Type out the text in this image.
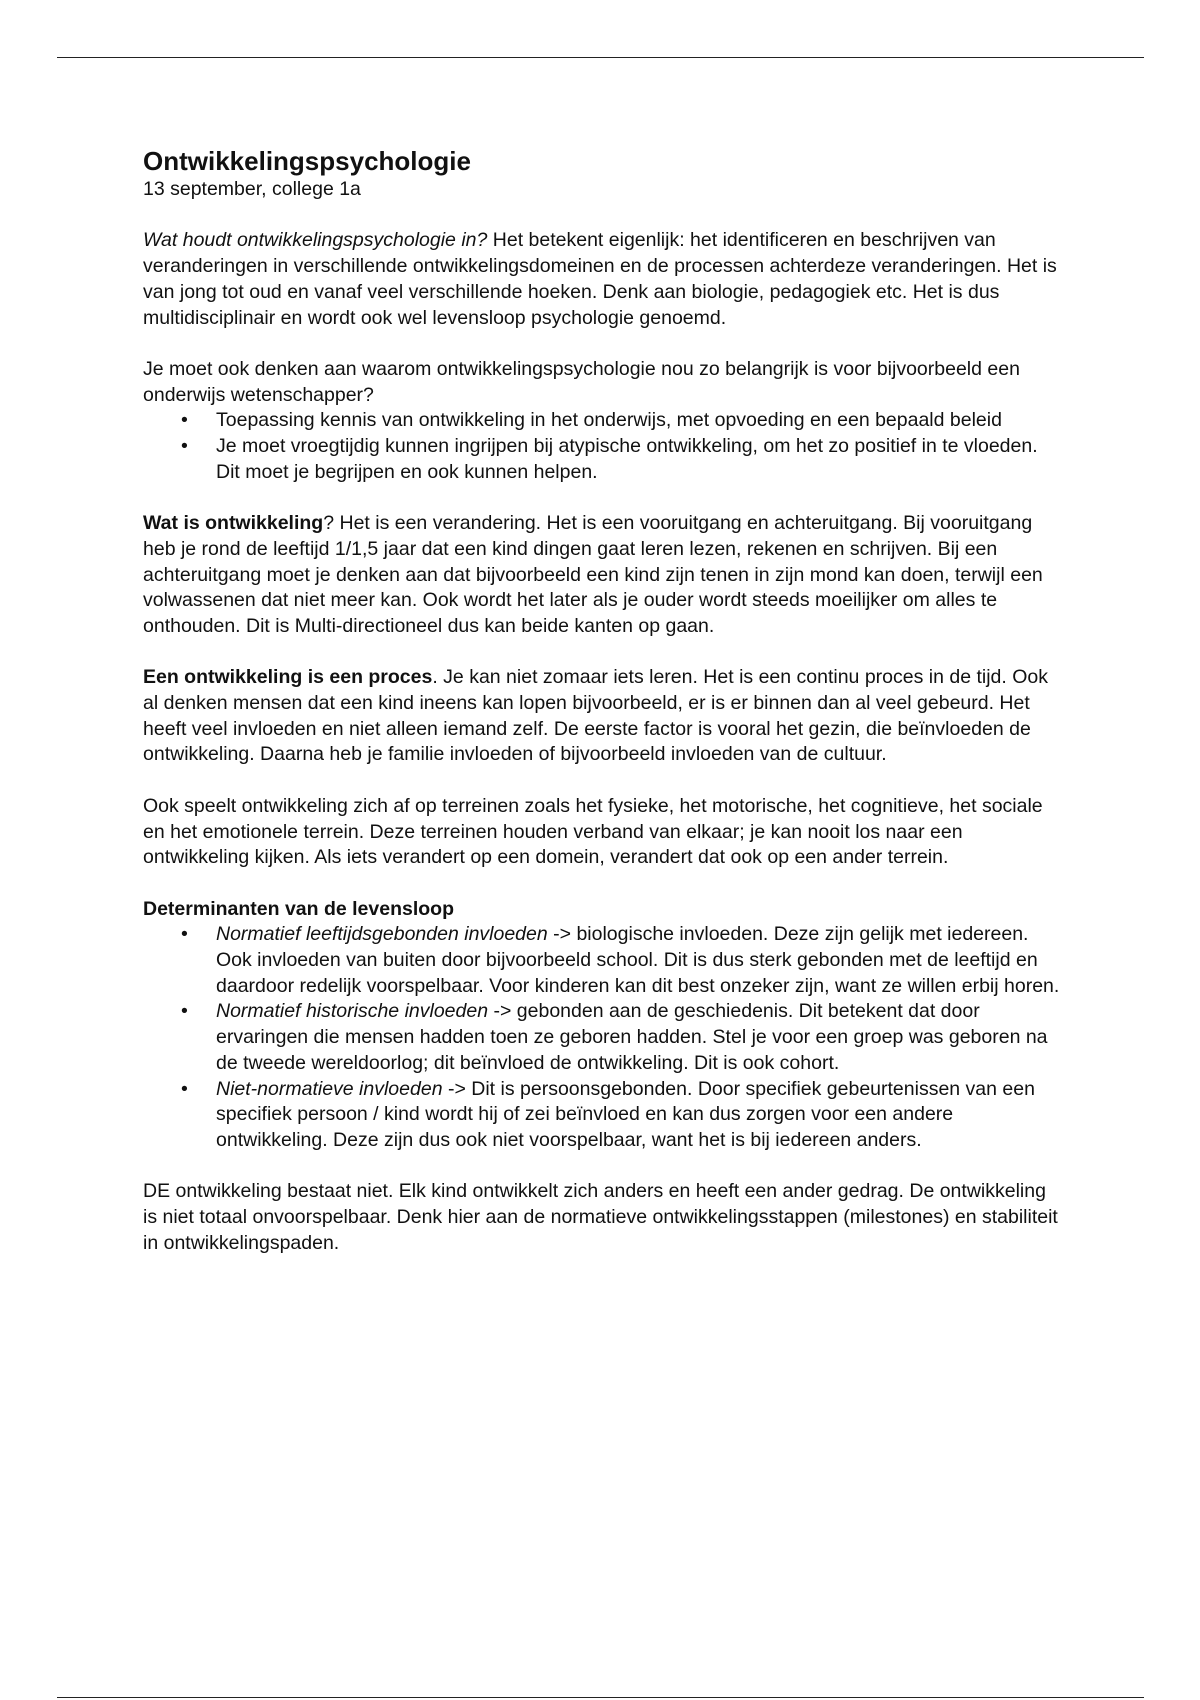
Ontwikkelingspsychologie
13 september, college 1a

Wat houdt ontwikkelingspsychologie in? Het betekent eigenlijk: het identificeren en beschrijven van veranderingen in verschillende ontwikkelingsdomeinen en de processen achterdeze veranderingen. Het is van jong tot oud en vanaf veel verschillende hoeken. Denk aan biologie, pedagogiek etc. Het is dus multidisciplinair en wordt ook wel levensloop psychologie genoemd.

Je moet ook denken aan waarom ontwikkelingspsychologie nou zo belangrijk is voor bijvoorbeeld een onderwijs wetenschapper?

• Toepassing kennis van ontwikkeling in het onderwijs, met opvoeding en een bepaald beleid
• Je moet vroegtijdig kunnen ingrijpen bij atypische ontwikkeling, om het zo positief in te vloeden. Dit moet je begrijpen en ook kunnen helpen.

Wat is ontwikkeling? Het is een verandering. Het is een vooruitgang en achteruitgang. Bij vooruitgang heb je rond de leeftijd 1/1,5 jaar dat een kind dingen gaat leren lezen, rekenen en schrijven. Bij een achteruitgang moet je denken aan dat bijvoorbeeld een kind zijn tenen in zijn mond kan doen, terwijl een volwassenen dat niet meer kan. Ook wordt het later als je ouder wordt steeds moeilijker om alles te onthouden. Dit is Multi-directioneel dus kan beide kanten op gaan.

Een ontwikkeling is een proces. Je kan niet zomaar iets leren. Het is een continu proces in de tijd. Ook al denken mensen dat een kind ineens kan lopen bijvoorbeeld, er is er binnen dan al veel gebeurd. Het heeft veel invloeden en niet alleen iemand zelf. De eerste factor is vooral het gezin, die beïnvloeden de ontwikkeling. Daarna heb je familie invloeden of bijvoorbeeld invloeden van de cultuur.

Ook speelt ontwikkeling zich af op terreinen zoals het fysieke, het motorische, het cognitieve, het sociale en het emotionele terrein. Deze terreinen houden verband van elkaar; je kan nooit los naar een ontwikkeling kijken. Als iets verandert op een domein, verandert dat ook op een ander terrein.

Determinanten van de levensloop
• Normatief leeftijdsgebonden invloeden -> biologische invloeden. Deze zijn gelijk met iedereen. Ook invloeden van buiten door bijvoorbeeld school. Dit is dus sterk gebonden met de leeftijd en daardoor redelijk voorspelbaar. Voor kinderen kan dit best onzeker zijn, want ze willen erbij horen.
• Normatief historische invloeden -> gebonden aan de geschiedenis. Dit betekent dat door ervaringen die mensen hadden toen ze geboren hadden. Stel je voor een groep was geboren na de tweede wereldoorlog; dit beïnvloed de ontwikkeling. Dit is ook cohort.
• Niet-normatieve invloeden -> Dit is persoonsgebonden. Door specifiek gebeurtenissen van een specifiek persoon / kind wordt hij of zei beïnvloed en kan dus zorgen voor een andere ontwikkeling. Deze zijn dus ook niet voorspelbaar, want het is bij iedereen anders.

DE ontwikkeling bestaat niet. Elk kind ontwikkelt zich anders en heeft een ander gedrag. De ontwikkeling is niet totaal onvoorspelbaar. Denk hier aan de normatieve ontwikkelingsstappen (milestones) en stabiliteit in ontwikkelingspaden.
